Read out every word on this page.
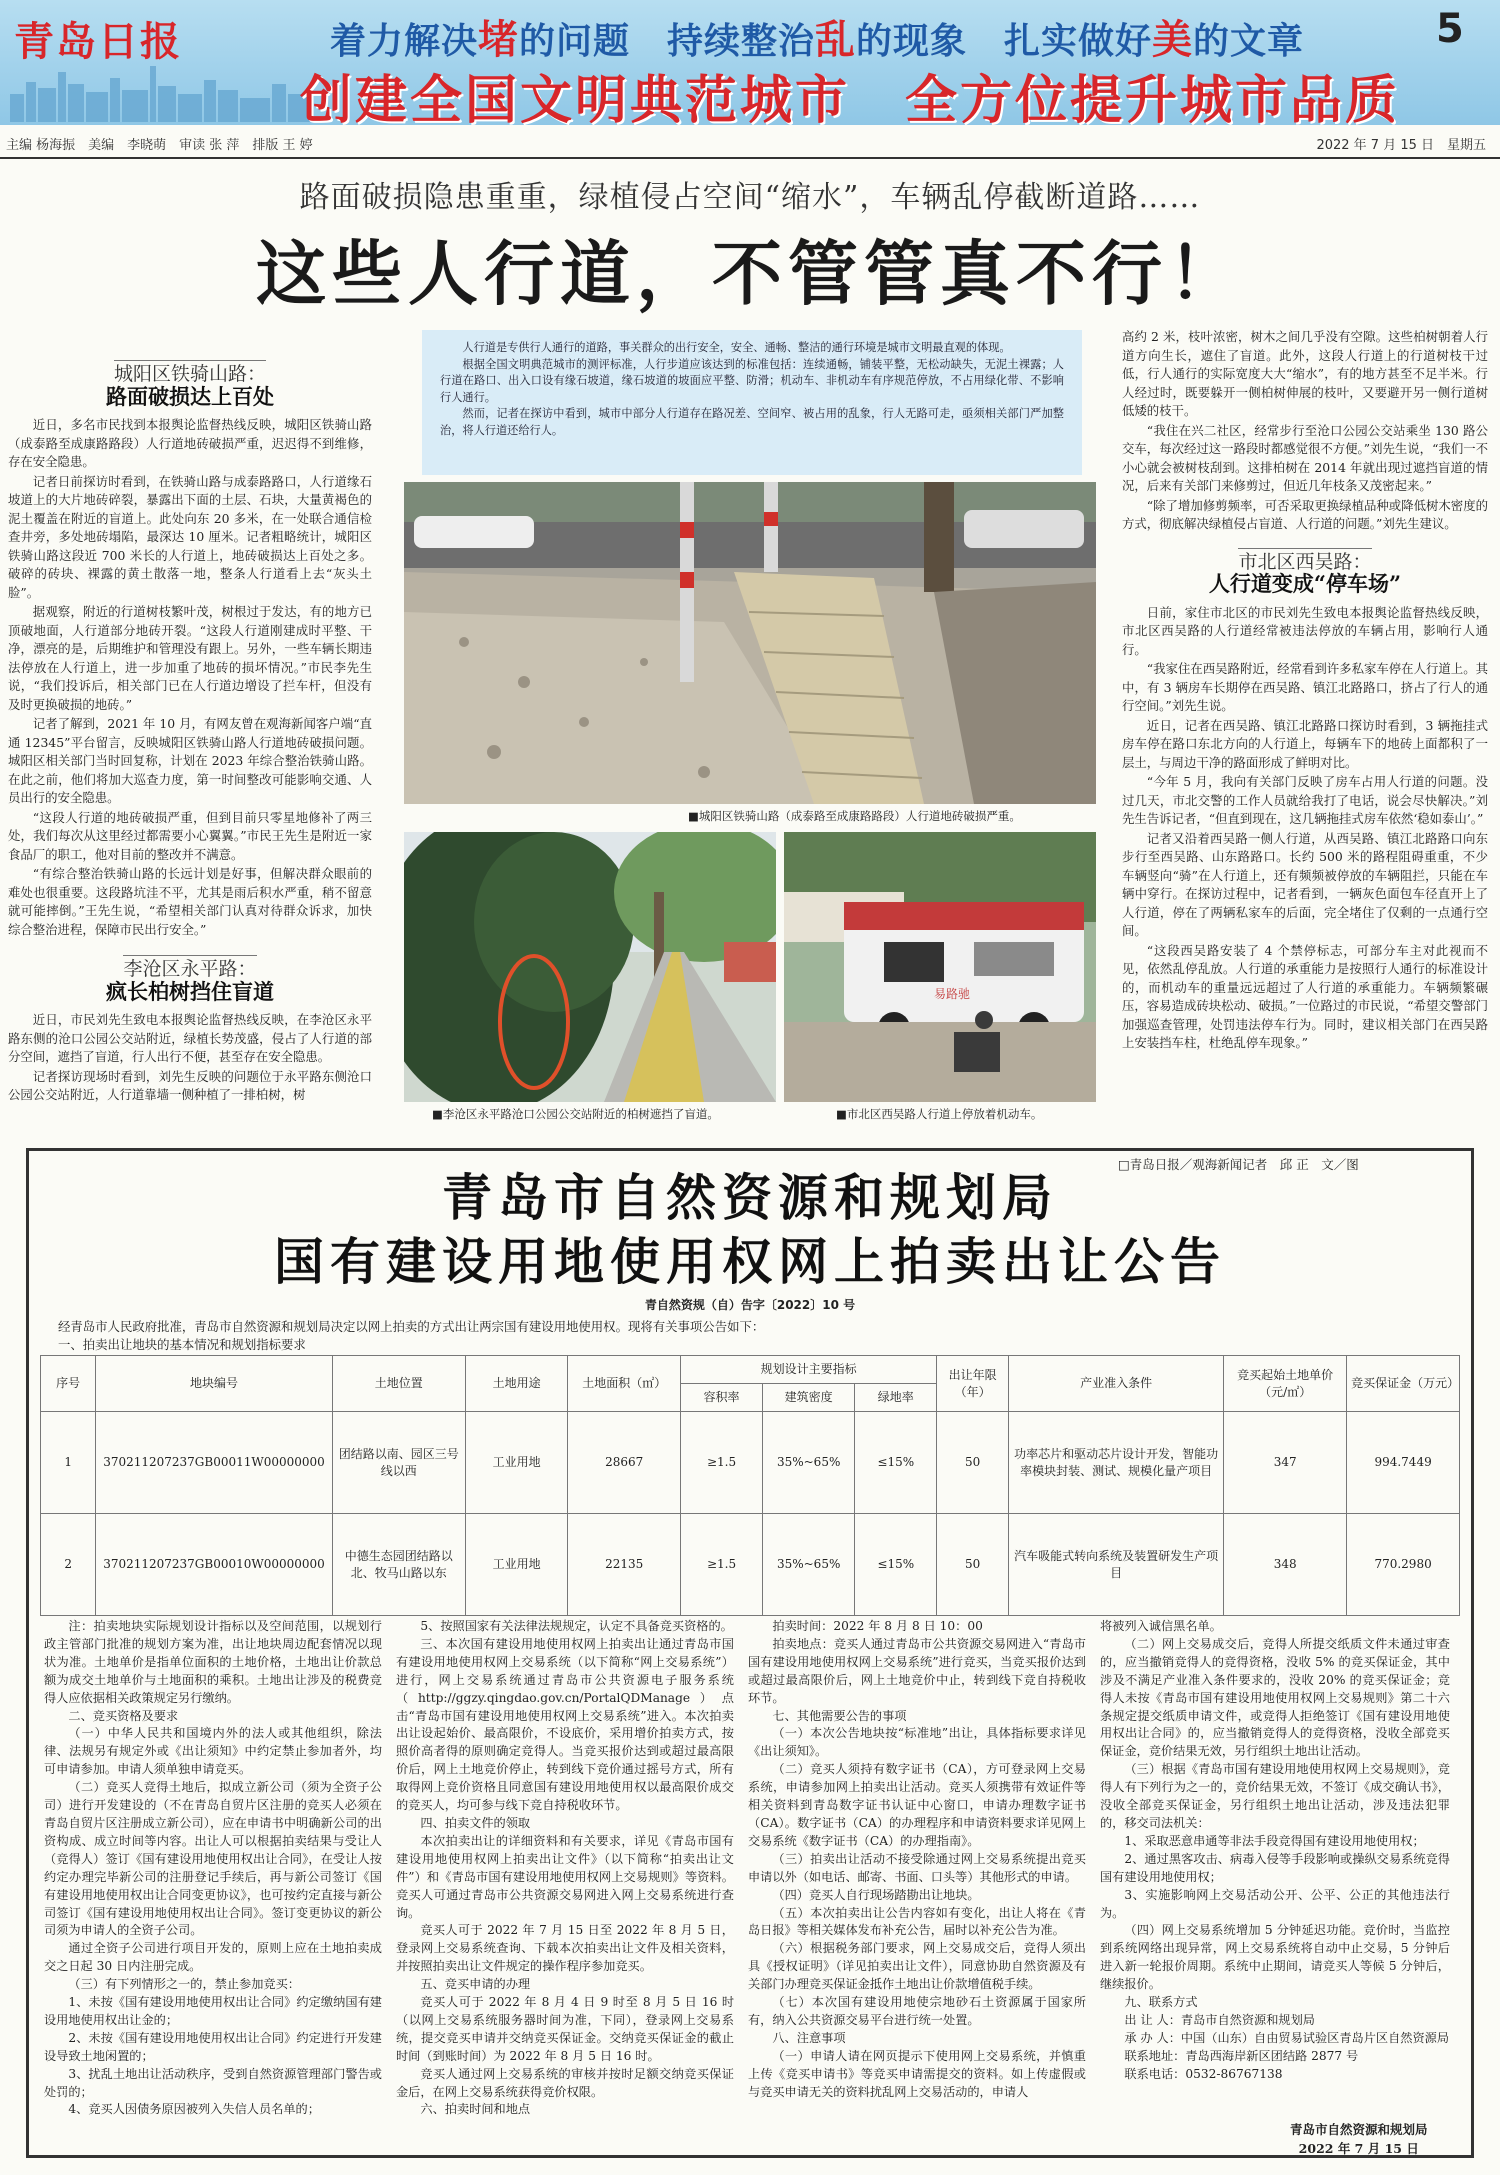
青岛日报	着力解决堵的问题　持续整治乱的现象　扎实做好美的文章
创建全国文明典范城市　全方位提升城市品质
5
主编 杨海振　美编　李晓萌　审读 张 萍　排版 王 婷	2022 年 7 月 15 日　星期五
路面破损隐患重重，绿植侵占空间“缩水”，车辆乱停截断道路……
这些人行道，不管管真不行！
城阳区铁骑山路：
路面破损达上百处

近日，多名市民找到本报舆论监督热线反映，城阳区铁骑山路（成泰路至成康路路段）人行道地砖破损严重，迟迟得不到维修，存在安全隐患。

记者日前探访时看到，在铁骑山路与成泰路路口，人行道缘石坡道上的大片地砖碎裂，暴露出下面的土层、石块，大量黄褐色的泥土覆盖在附近的盲道上。此处向东 20 多米，在一处联合通信检查井旁，多处地砖塌陷，最深达 10 厘米。记者粗略统计，城阳区铁骑山路这段近 700 米长的人行道上，地砖破损达上百处之多。破碎的砖块、裸露的黄土散落一地，整条人行道看上去“灰头土脸”。

据观察，附近的行道树枝繁叶茂，树根过于发达，有的地方已顶破地面，人行道部分地砖开裂。“这段人行道刚建成时平整、干净，漂亮的是，后期维护和管理没有跟上。另外，一些车辆长期违法停放在人行道上，进一步加重了地砖的损坏情况。”市民李先生说，“我们投诉后，相关部门已在人行道边增设了拦车杆，但没有及时更换破损的地砖。”

记者了解到，2021 年 10 月，有网友曾在观海新闻客户端“直通 12345”平台留言，反映城阳区铁骑山路人行道地砖破损问题。城阳区相关部门当时回复称，计划在 2023 年综合整治铁骑山路。在此之前，他们将加大巡查力度，第一时间整改可能影响交通、人员出行的安全隐患。

“这段人行道的地砖破损严重，但到目前只零星地修补了两三处，我们每次从这里经过都需要小心翼翼。”市民王先生是附近一家食品厂的职工，他对目前的整改并不满意。

“有综合整治铁骑山路的长远计划是好事，但解决群众眼前的难处也很重要。这段路坑洼不平，尤其是雨后积水严重，稍不留意就可能摔倒。”王先生说，“希望相关部门认真对待群众诉求，加快综合整治进程，保障市民出行安全。”

李沧区永平路：
疯长柏树挡住盲道

近日，市民刘先生致电本报舆论监督热线反映，在李沧区永平路东侧的沧口公园公交站附近，绿植长势茂盛，侵占了人行道的部分空间，遮挡了盲道，行人出行不便，甚至存在安全隐患。

记者探访现场时看到，刘先生反映的问题位于永平路东侧沧口公园公交站附近，人行道靠墙一侧种植了一排柏树，树

人行道是专供行人通行的道路，事关群众的出行安全，安全、通畅、整洁的通行环境是城市文明最直观的体现。

根据全国文明典范城市的测评标准，人行步道应该达到的标准包括：连续通畅，铺装平整，无松动缺失，无泥土裸露；人行道在路口、出入口设有缘石坡道，缘石坡道的坡面应平整、防滑；机动车、非机动车有序规范停放，不占用绿化带、不影响行人通行。

然而，记者在探访中看到，城市中部分人行道存在路况差、空间窄、被占用的乱象，行人无路可走，亟须相关部门严加整治，将人行道还给行人。

■城阳区铁骑山路（成泰路至成康路路段）人行道地砖破损严重。
■李沧区永平路沧口公园公交站附近的柏树遮挡了盲道。
易路驰
■市北区西吴路人行道上停放着机动车。

高约 2 米，枝叶浓密，树木之间几乎没有空隙。这些柏树朝着人行道方向生长，遮住了盲道。此外，这段人行道上的行道树枝干过低，行人通行的实际宽度大大“缩水”，有的地方甚至不足半米。行人经过时，既要躲开一侧柏树伸展的枝叶，又要避开另一侧行道树低矮的枝干。

“我住在兴二社区，经常步行至沧口公园公交站乘坐 130 路公交车，每次经过这一路段时都感觉很不方便。”刘先生说，“我们一不小心就会被树枝刮到。这排柏树在 2014 年就出现过遮挡盲道的情况，后来有关部门来修剪过，但近几年枝条又茂密起来。”

“除了增加修剪频率，可否采取更换绿植品种或降低树木密度的方式，彻底解决绿植侵占盲道、人行道的问题。”刘先生建议。

市北区西吴路：
人行道变成“停车场”

日前，家住市北区的市民刘先生致电本报舆论监督热线反映，市北区西吴路的人行道经常被违法停放的车辆占用，影响行人通行。

“我家住在西吴路附近，经常看到许多私家车停在人行道上。其中，有 3 辆房车长期停在西吴路、镇江北路路口，挤占了行人的通行空间。”刘先生说。

近日，记者在西吴路、镇江北路路口探访时看到，3 辆拖挂式房车停在路口东北方向的人行道上，每辆车下的地砖上面都积了一层土，与周边干净的路面形成了鲜明对比。

“今年 5 月，我向有关部门反映了房车占用人行道的问题。没过几天，市北交警的工作人员就给我打了电话，说会尽快解决。”刘先生告诉记者，“但直到现在，这几辆拖挂式房车依然‘稳如泰山’。”

记者又沿着西吴路一侧人行道，从西吴路、镇江北路路口向东步行至西吴路、山东路路口。长约 500 米的路程阻碍重重，不少车辆竖向“骑”在人行道上，还有频频被停放的车辆阻拦，只能在车辆中穿行。在探访过程中，记者看到，一辆灰色面包车径直开上了人行道，停在了两辆私家车的后面，完全堵住了仅剩的一点通行空间。

“这段西吴路安装了 4 个禁停标志，可部分车主对此视而不见，依然乱停乱放。人行道的承重能力是按照行人通行的标准设计的，而机动车的重量远远超过了人行道的承重能力。车辆频繁碾压，容易造成砖块松动、破损。”一位路过的市民说，“希望交警部门加强巡查管理，处罚违法停车行为。同时，建议相关部门在西吴路上安装挡车柱，杜绝乱停车现象。”

□青岛日报／观海新闻记者　邱 正　文／图
青岛市自然资源和规划局
国有建设用地使用权网上拍卖出让公告
青自然资规（自）告字〔2022〕10 号
经青岛市人民政府批准，青岛市自然资源和规划局决定以网上拍卖的方式出让两宗国有建设用地使用权。现将有关事项公告如下：
一、拍卖出让地块的基本情况和规划指标要求
序号	地块编号	土地位置	土地用途	土地面积（㎡）	规划设计主要指标			出让年限（年）	产业准入条件	竞买起始土地单价（元/㎡）	竞买保证金（万元）
					容积率	建筑密度	绿地率				
1	370211207237GB00011W00000000	团结路以南、园区三号线以西	工业用地	28667	≥1.5	35%~65%	≤15%	50	功率芯片和驱动芯片设计开发，智能功率模块封装、测试、规模化量产项目	347	994.7449
2	370211207237GB00010W00000000	中德生态园团结路以北、牧马山路以东	工业用地	22135	≥1.5	35%~65%	≤15%	50	汽车吸能式转向系统及装置研发生产项目	348	770.2980

注：拍卖地块实际规划设计指标以及空间范围，以规划行政主管部门批准的规划方案为准，出让地块周边配套情况以现状为准。土地单价是指单位面积的土地价格，土地出让价款总额为成交土地单价与土地面积的乘积。土地出让涉及的税费竞得人应依据相关政策规定另行缴纳。

二、竞买资格及要求

（一）中华人民共和国境内外的法人或其他组织，除法律、法规另有规定外或《出让须知》中约定禁止参加者外，均可申请参加。申请人须单独申请竞买。

（二）竞买人竞得土地后，拟成立新公司（须为全资子公司）进行开发建设的（不在青岛自贸片区注册的竞买人必须在青岛自贸片区注册成立新公司），应在申请书中明确新公司的出资构成、成立时间等内容。出让人可以根据拍卖结果与受让人（竞得人）签订《国有建设用地使用权出让合同》，在受让人按约定办理完毕新公司的注册登记手续后，再与新公司签订《国有建设用地使用权出让合同变更协议》，也可按约定直接与新公司签订《国有建设用地使用权出让合同》。签订变更协议的新公司须为申请人的全资子公司。

通过全资子公司进行项目开发的，原则上应在土地拍卖成交之日起 30 日内注册完成。

（三）有下列情形之一的，禁止参加竞买：

1、未按《国有建设用地使用权出让合同》约定缴纳国有建设用地使用权出让金的；

2、未按《国有建设用地使用权出让合同》约定进行开发建设导致土地闲置的；

3、扰乱土地出让活动秩序，受到自然资源管理部门警告或处罚的；

4、竞买人因债务原因被列入失信人员名单的；

5、按照国家有关法律法规规定，认定不具备竞买资格的。

三、本次国有建设用地使用权网上拍卖出让通过青岛市国有建设用地使用权网上交易系统（以下简称“网上交易系统”）进行，网上交易系统通过青岛市公共资源电子服务系统（http://ggzy.qingdao.gov.cn/PortalQDManage）点击“青岛市国有建设用地使用权网上交易系统”进入。本次拍卖出让设起始价、最高限价，不设底价，采用增价拍卖方式，按照价高者得的原则确定竞得人。当竞买报价达到或超过最高限价后，网上土地竞价停止，转到线下竞价通过摇号方式，所有取得网上竞价资格且同意国有建设用地使用权以最高限价成交的竞买人，均可参与线下竞自持税收环节。

四、拍卖文件的领取

本次拍卖出让的详细资料和有关要求，详见《青岛市国有建设用地使用权网上拍卖出让文件》（以下简称“拍卖出让文件”）和《青岛市国有建设用地使用权网上交易规则》等资料。竞买人可通过青岛市公共资源交易网进入网上交易系统进行查询。

竞买人可于 2022 年 7 月 15 日至 2022 年 8 月 5 日，登录网上交易系统查询、下载本次拍卖出让文件及相关资料，并按照拍卖出让文件规定的操作程序参加竞买。

五、竞买申请的办理

竞买人可于 2022 年 8 月 4 日 9 时至 8 月 5 日 16 时（以网上交易系统服务器时间为准，下同），登录网上交易系统，提交竞买申请并交纳竞买保证金。交纳竞买保证金的截止时间（到账时间）为 2022 年 8 月 5 日 16 时。

竞买人通过网上交易系统的审核并按时足额交纳竞买保证金后，在网上交易系统获得竞价权限。

六、拍卖时间和地点

拍卖时间：2022 年 8 月 8 日 10：00

拍卖地点：竞买人通过青岛市公共资源交易网进入“青岛市国有建设用地使用权网上交易系统”进行竞买，当竞买报价达到或超过最高限价后，网上土地竞价中止，转到线下竞自持税收环节。

七、其他需要公告的事项

（一）本次公告地块按“标准地”出让，具体指标要求详见《出让须知》。

（二）竞买人须持有数字证书（CA），方可登录网上交易系统，申请参加网上拍卖出让活动。竞买人须携带有效证件等相关资料到青岛数字证书认证中心窗口，申请办理数字证书（CA）。数字证书（CA）的办理程序和申请资料要求详见网上交易系统《数字证书（CA）的办理指南》。

（三）拍卖出让活动不接受除通过网上交易系统提出竞买申请以外（如电话、邮寄、书面、口头等）其他形式的申请。

（四）竞买人自行现场踏勘出让地块。

（五）本次拍卖出让公告内容如有变化，出让人将在《青岛日报》等相关媒体发布补充公告，届时以补充公告为准。

（六）根据税务部门要求，网上交易成交后，竞得人须出具《授权证明》（详见拍卖出让文件），同意协助自然资源及有关部门办理竞买保证金抵作土地出让价款增值税手续。

（七）本次国有建设用地使宗地砂石土资源属于国家所有，纳入公共资源交易平台进行统一处置。

八、注意事项

（一）申请人请在网页提示下使用网上交易系统，并慎重上传《竞买申请书》等竞买申请需提交的资料。如上传虚假或与竞买申请无关的资料扰乱网上交易活动的，申请人

将被列入诚信黑名单。

（二）网上交易成交后，竞得人所提交纸质文件未通过审查的，应当撤销竞得人的竞得资格，没收 5% 的竞买保证金，其中涉及不满足产业准入条件要求的，没收 20% 的竞买保证金；竞得人未按《青岛市国有建设用地使用权网上交易规则》第二十六条规定提交纸质申请文件，或竞得人拒绝签订《国有建设用地使用权出让合同》的，应当撤销竞得人的竞得资格，没收全部竞买保证金，竞价结果无效，另行组织土地出让活动。

（三）根据《青岛市国有建设用地使用权网上交易规则》，竞得人有下列行为之一的，竞价结果无效，不签订《成交确认书》，没收全部竞买保证金，另行组织土地出让活动，涉及违法犯罪的，移交司法机关：

1、采取恶意串通等非法手段竞得国有建设用地使用权；

2、通过黑客攻击、病毒入侵等手段影响或操纵交易系统竞得国有建设用地使用权；

3、实施影响网上交易活动公开、公平、公正的其他违法行为。

（四）网上交易系统增加 5 分钟延迟功能。竞价时，当监控到系统网络出现异常，网上交易系统将自动中止交易，5 分钟后进入新一轮报价周期。系统中止期间，请竞买人等候 5 分钟后，继续报价。

九、联系方式

出 让 人：青岛市自然资源和规划局

承 办 人：中国（山东）自由贸易试验区青岛片区自然资源局

联系地址：青岛西海岸新区团结路 2877 号

联系电话：0532-86767138

青岛市自然资源和规划局
2022 年 7 月 15 日
